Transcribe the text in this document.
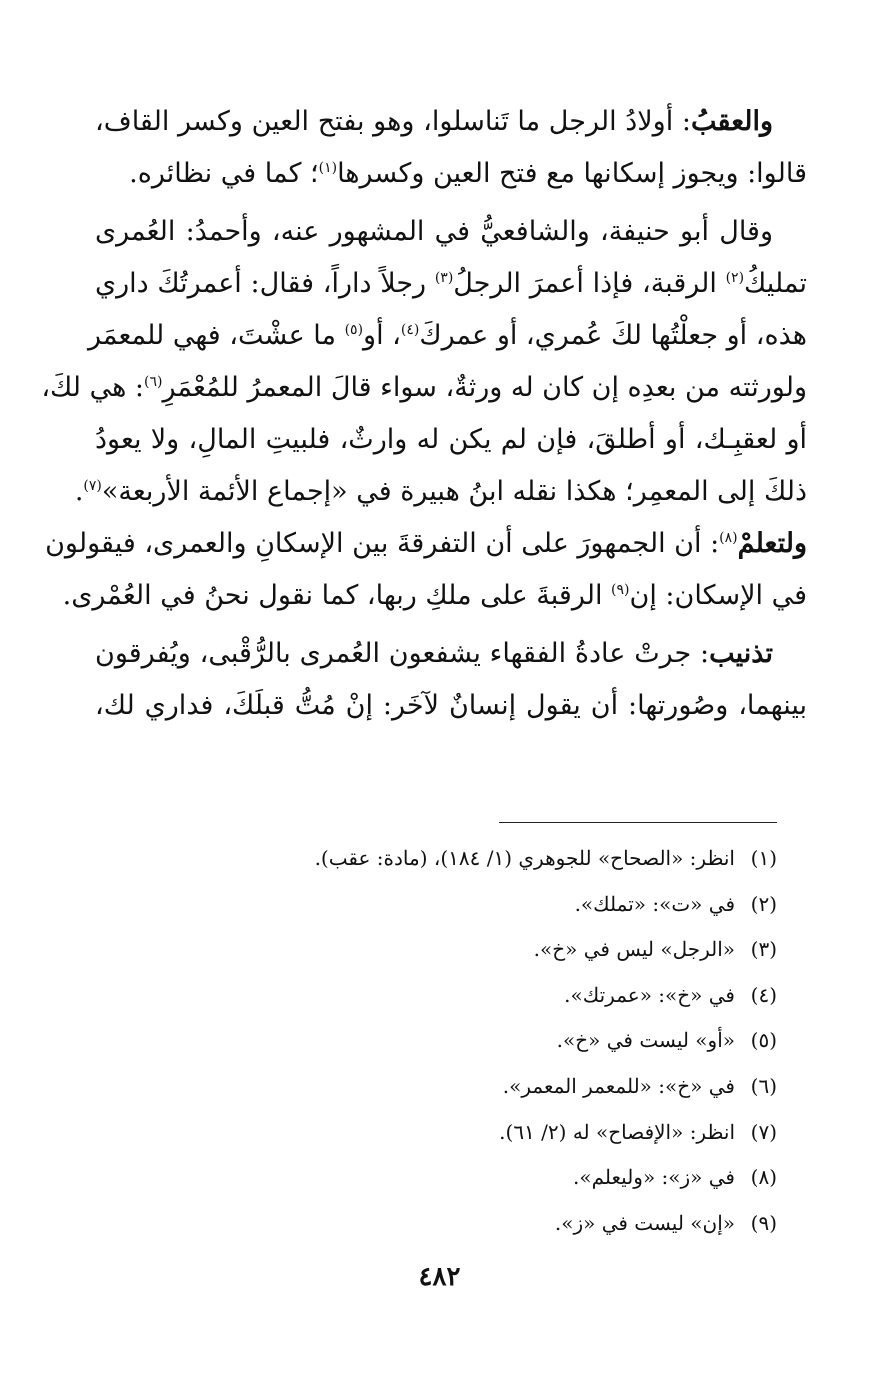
والعقبُ: أولادُ الرجل ما تَناسلوا، وهو بفتح العين وكسر القاف،
قالوا: ويجوز إسكانها مع فتح العين وكسرها$^{(١)}$؛ كما في نظائره.
وقال أبو حنيفة، والشافعيُّ في المشهور عنه، وأحمدُ: العُمرى
تمليكُ$^{(٢)}$ الرقبة، فإذا أعمرَ الرجلُ$^{(٣)}$ رجلاً داراً، فقال: أعمرتُكَ داري
هذه، أو جعلْتُها لكَ عُمري، أو عمركَ$^{(٤)}$، أو$^{(٥)}$ ما عشْتَ، فهي للمعمَر
ولورثته من بعدِه إن كان له ورثةٌ، سواء قالَ المعمرُ للمُعْمَرِ$^{(٦)}$: هي لكَ،
أو لعقبِـك، أو أطلقَ، فإن لم يكن له وارثٌ، فلبيتِ المالِ، ولا يعودُ
ذلكَ إلى المعمِر؛ هكذا نقله ابنُ هبيرة في «إجماع الأئمة الأربعة»$^{(٧)}$.
ولتعلمْ$^{(٨)}$: أن الجمهورَ على أن التفرقةَ بين الإسكانِ والعمرى، فيقولون
في الإسكان: إن$^{(٩)}$ الرقبةَ على ملكِ ربها، كما نقول نحنُ في العُمْرى.
تذنيب: جرتْ عادةُ الفقهاء يشفعون العُمرى بالرُّقْبى، ويُفرقون
بينهما، وصُورتها: أن يقول إنسانٌ لآخَر: إنْ مُتُّ قبلَكَ، فداري لك،
(١)انظر: «الصحاح» للجوهري (١/ ١٨٤)، (مادة: عقب).
(٢)في «ت»: «تملك».
(٣)«الرجل» ليس في «خ».
(٤)في «خ»: «عمرتك».
(٥)«أو» ليست في «خ».
(٦)في «خ»: «للمعمر المعمر».
(٧)انظر: «الإفصاح» له (٢/ ٦١).
(٨)في «ز»: «وليعلم».
(٩)«إن» ليست في «ز».
٤٨٢
